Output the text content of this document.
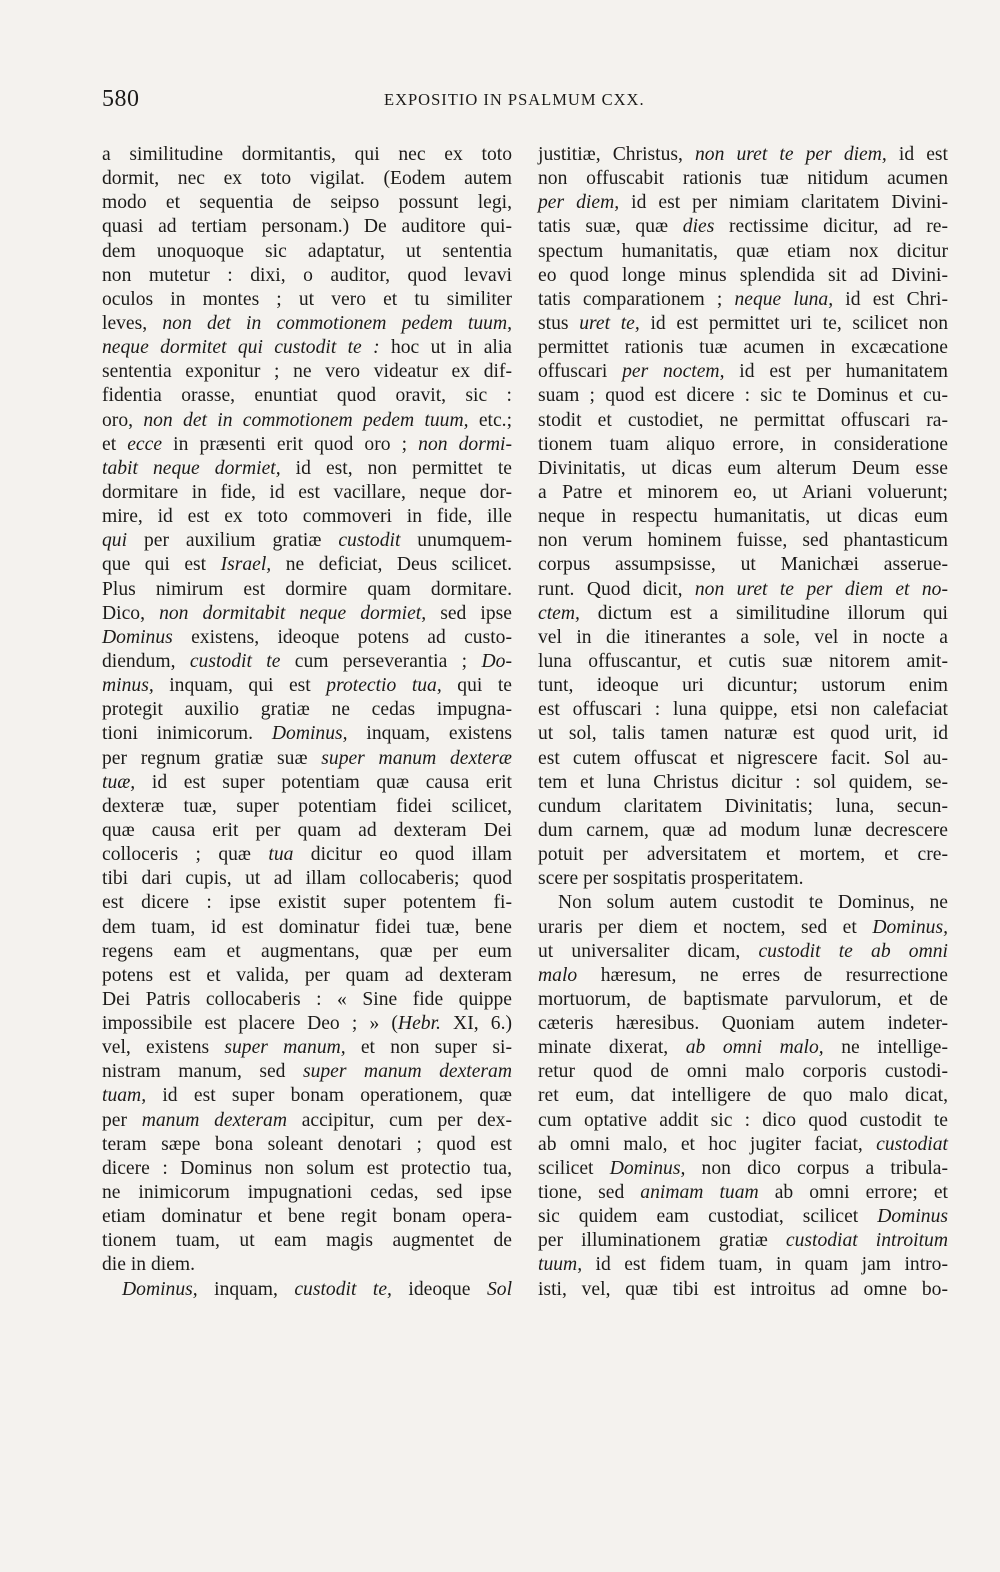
580	EXPOSITIO IN PSALMUM CXX.
a similitudine dormitantis, qui nec ex toto
dormit, nec ex toto vigilat. (Eodem autem
modo et sequentia de seipso possunt legi,
quasi ad tertiam personam.) De auditore qui-
dem unoquoque sic adaptatur, ut sententia
non mutetur : dixi, o auditor, quod levavi
oculos in montes ; ut vero et tu similiter
leves, non det in commotionem pedem tuum,
neque dormitet qui custodit te : hoc ut in alia
sententia exponitur ; ne vero videatur ex dif-
fidentia orasse, enuntiat quod oravit, sic :
oro, non det in commotionem pedem tuum, etc.;
et ecce in præsenti erit quod oro ; non dormi-
tabit neque dormiet, id est, non permittet te
dormitare in fide, id est vacillare, neque dor-
mire, id est ex toto commoveri in fide, ille
qui per auxilium gratiæ custodit unumquem-
que qui est Israel, ne deficiat, Deus scilicet.
Plus nimirum est dormire quam dormitare.
Dico, non dormitabit neque dormiet, sed ipse
Dominus existens, ideoque potens ad custo-
diendum, custodit te cum perseverantia ; Do-
minus, inquam, qui est protectio tua, qui te
protegit auxilio gratiæ ne cedas impugna-
tioni inimicorum. Dominus, inquam, existens
per regnum gratiæ suæ super manum dexteræ
tuæ, id est super potentiam quæ causa erit
dexteræ tuæ, super potentiam fidei scilicet,
quæ causa erit per quam ad dexteram Dei
colloceris ; quæ tua dicitur eo quod illam
tibi dari cupis, ut ad illam collocaberis; quod
est dicere : ipse existit super potentem fi-
dem tuam, id est dominatur fidei tuæ, bene
regens eam et augmentans, quæ per eum
potens est et valida, per quam ad dexteram
Dei Patris collocaberis : « Sine fide quippe
impossibile est placere Deo ; » (Hebr. XI, 6.)
vel, existens super manum, et non super si-
nistram manum, sed super manum dexteram
tuam, id est super bonam operationem, quæ
per manum dexteram accipitur, cum per dex-
teram sæpe bona soleant denotari ; quod est
dicere : Dominus non solum est protectio tua,
ne inimicorum impugnationi cedas, sed ipse
etiam dominatur et bene regit bonam opera-
tionem tuam, ut eam magis augmentet de
die in diem.
Dominus, inquam, custodit te, ideoque Sol
justitiæ, Christus, non uret te per diem, id est
non offuscabit rationis tuæ nitidum acumen
per diem, id est per nimiam claritatem Divini-
tatis suæ, quæ dies rectissime dicitur, ad re-
spectum humanitatis, quæ etiam nox dicitur
eo quod longe minus splendida sit ad Divini-
tatis comparationem ; neque luna, id est Chri-
stus uret te, id est permittet uri te, scilicet non
permittet rationis tuæ acumen in excæcatione
offuscari per noctem, id est per humanitatem
suam ; quod est dicere : sic te Dominus et cu-
stodit et custodiet, ne permittat offuscari ra-
tionem tuam aliquo errore, in consideratione
Divinitatis, ut dicas eum alterum Deum esse
a Patre et minorem eo, ut Ariani voluerunt;
neque in respectu humanitatis, ut dicas eum
non verum hominem fuisse, sed phantasticum
corpus assumpsisse, ut Manichæi asserue-
runt. Quod dicit, non uret te per diem et no-
ctem, dictum est a similitudine illorum qui
vel in die itinerantes a sole, vel in nocte a
luna offuscantur, et cutis suæ nitorem amit-
tunt, ideoque uri dicuntur; ustorum enim
est offuscari : luna quippe, etsi non calefaciat
ut sol, talis tamen naturæ est quod urit, id
est cutem offuscat et nigrescere facit. Sol au-
tem et luna Christus dicitur : sol quidem, se-
cundum claritatem Divinitatis; luna, secun-
dum carnem, quæ ad modum lunæ decrescere
potuit per adversitatem et mortem, et cre-
scere per sospitatis prosperitatem.
Non solum autem custodit te Dominus, ne
uraris per diem et noctem, sed et Dominus,
ut universaliter dicam, custodit te ab omni
malo hæresum, ne erres de resurrectione
mortuorum, de baptismate parvulorum, et de
cæteris hæresibus. Quoniam autem indeter-
minate dixerat, ab omni malo, ne intellige-
retur quod de omni malo corporis custodi-
ret eum, dat intelligere de quo malo dicat,
cum optative addit sic : dico quod custodit te
ab omni malo, et hoc jugiter faciat, custodiat
scilicet Dominus, non dico corpus a tribula-
tione, sed animam tuam ab omni errore; et
sic quidem eam custodiat, scilicet Dominus
per illuminationem gratiæ custodiat introitum
tuum, id est fidem tuam, in quam jam intro-
isti, vel, quæ tibi est introitus ad omne bo-
